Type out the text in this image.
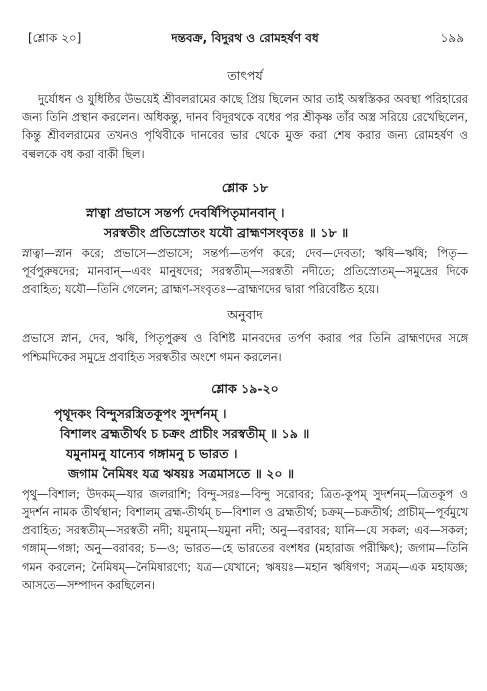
[শ্লোক ২০]	দন্তবক্র, বিদুরথ ও রোমহর্ষণ বধ	১৯৯
তাৎপর্য

দুর্যোধন ও যুধিষ্ঠির উভয়েই শ্রীবলরামের কাছে প্রিয় ছিলেন আর তাই অস্বস্তিকর অবস্থা পরিহারের জন্য তিনি প্রস্থান করলেন। অধিকন্তু, দানব বিদূরথকে বধের পর শ্রীকৃষ্ণ তাঁর অস্ত্র সরিয়ে রেখেছিলেন, কিন্তু শ্রীবলরামের তখনও পৃথিবীকে দানবের ভার থেকে মুক্ত করা শেষ করার জন্য রোমহর্ষণ ও বল্বলকে বধ করা বাকী ছিল।

শ্লোক ১৮
স্নাত্বা প্রভাসে সন্তর্প্য দেবর্ষিপিতৃমানবান্ ।
সরস্বতীং প্রতিস্রোতং যযৌ ব্রাহ্মণসংবৃতঃ ॥ ১৮ ॥

স্নাত্বা—স্নান করে; প্রভাসে—প্রভাসে; সন্তর্প্য—তর্পণ করে; দেব—দেবতা; ঋষি—ঋষি; পিতৃ—পূর্বপুরুষদের; মানবান্—এবং মানুষদের; সরস্বতীম্—সরস্বতী নদীতে; প্রতিস্রোতম্—সমুদ্রের দিকে প্রবাহিত; যযৌ—তিনি গেলেন; ব্রাহ্মণ-সংবৃতঃ—ব্রাহ্মণদের দ্বারা পরিবেষ্টিত হয়ে।

অনুবাদ

প্রভাসে স্নান, দেব, ঋষি, পিতৃপুরুষ ও বিশিষ্ট মানবদের তর্পণ করার পর তিনি ব্রাহ্মণদের সঙ্গে পশ্চিমদিকের সমুদ্রে প্রবাহিত সরস্বতীর অংশে গমন করলেন।

শ্লোক ১৯-২০
পৃথূদকং বিন্দুসরস্ত্রিতকূপং সুদর্শনম্ ।
বিশালং ব্রহ্মতীর্থং চ চক্রং প্রাচীং সরস্বতীম্ ॥ ১৯ ॥
যমুনামনু যান্যেব গঙ্গামনু চ ভারত ।
জগাম নৈমিষং যত্র ঋষয়ঃ সত্রমাসতে ॥ ২০ ॥

পৃথু—বিশাল; উদকম্—যার জলরাশি; বিন্দু-সরঃ—বিন্দু সরোবর; ত্রিত-কূপম্ সুদর্শনম্—ত্রিতকূপ ও সুদর্শন নামক তীর্থস্থান; বিশালম্ ব্রহ্ম-তীর্থম্ চ—বিশাল ও ব্রহ্মতীর্থ; চক্রম্—চক্রতীর্থ; প্রাচীম্—পূর্বমুখে প্রবাহিত; সরস্বতীম্—সরস্বতী নদী; যমুনাম্—যমুনা নদী; অনু—বরাবর; যানি—যে সকল; এব—সকল; গঙ্গাম্—গঙ্গা; অনু—বরাবর; চ—ও; ভারত—হে ভারতের বংশধর (মহারাজ পরীক্ষিৎ); জগাম—তিনি গমন করলেন; নৈমিষম্—নৈমিষারণ্যে; যত্র—যেখানে; ঋষয়ঃ—মহান ঋষিগণ; সত্রম্—এক মহাযজ্ঞ; আসতে—সম্পাদন করছিলেন।
